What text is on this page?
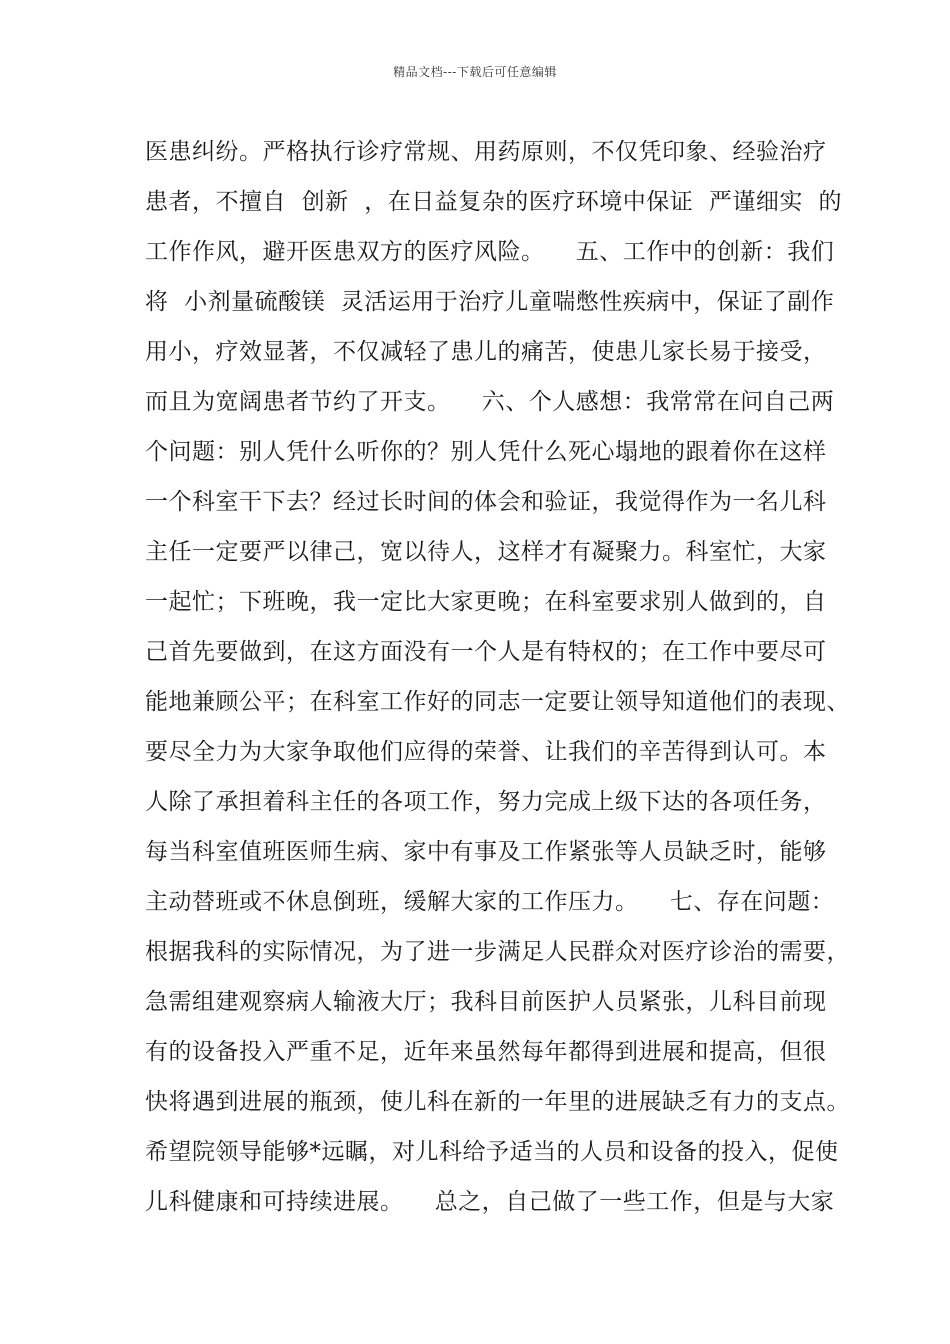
精品文档---下载后可任意编辑
医患纠纷。严格执行诊疗常规、用药原则，不仅凭印象、经验治疗
患者，不擅自  创新  ，在日益复杂的医疗环境中保证  严谨细实  的
工作作风，避开医患双方的医疗风险。    五、工作中的创新：我们
将  小剂量硫酸镁  灵活运用于治疗儿童喘憋性疾病中，保证了副作
用小，疗效显著，不仅减轻了患儿的痛苦，使患儿家长易于接受，
而且为宽阔患者节约了开支。    六、个人感想：我常常在问自己两
个问题：别人凭什么听你的？别人凭什么死心塌地的跟着你在这样
一个科室干下去？经过长时间的体会和验证，我觉得作为一名儿科
主任一定要严以律己，宽以待人，这样才有凝聚力。科室忙，大家
一起忙；下班晚，我一定比大家更晚；在科室要求别人做到的，自
己首先要做到，在这方面没有一个人是有特权的；在工作中要尽可
能地兼顾公平；在科室工作好的同志一定要让领导知道他们的表现、
要尽全力为大家争取他们应得的荣誉、让我们的辛苦得到认可。本
人除了承担着科主任的各项工作，努力完成上级下达的各项任务，
每当科室值班医师生病、家中有事及工作紧张等人员缺乏时，能够
主动替班或不休息倒班，缓解大家的工作压力。    七、存在问题：
根据我科的实际情况，为了进一步满足人民群众对医疗诊治的需要，
急需组建观察病人输液大厅；我科目前医护人员紧张，儿科目前现
有的设备投入严重不足，近年来虽然每年都得到进展和提高，但很
快将遇到进展的瓶颈，使儿科在新的一年里的进展缺乏有力的支点。
希望院领导能够*远瞩，对儿科给予适当的人员和设备的投入，促使
儿科健康和可持续进展。    总之，自己做了一些工作，但是与大家
